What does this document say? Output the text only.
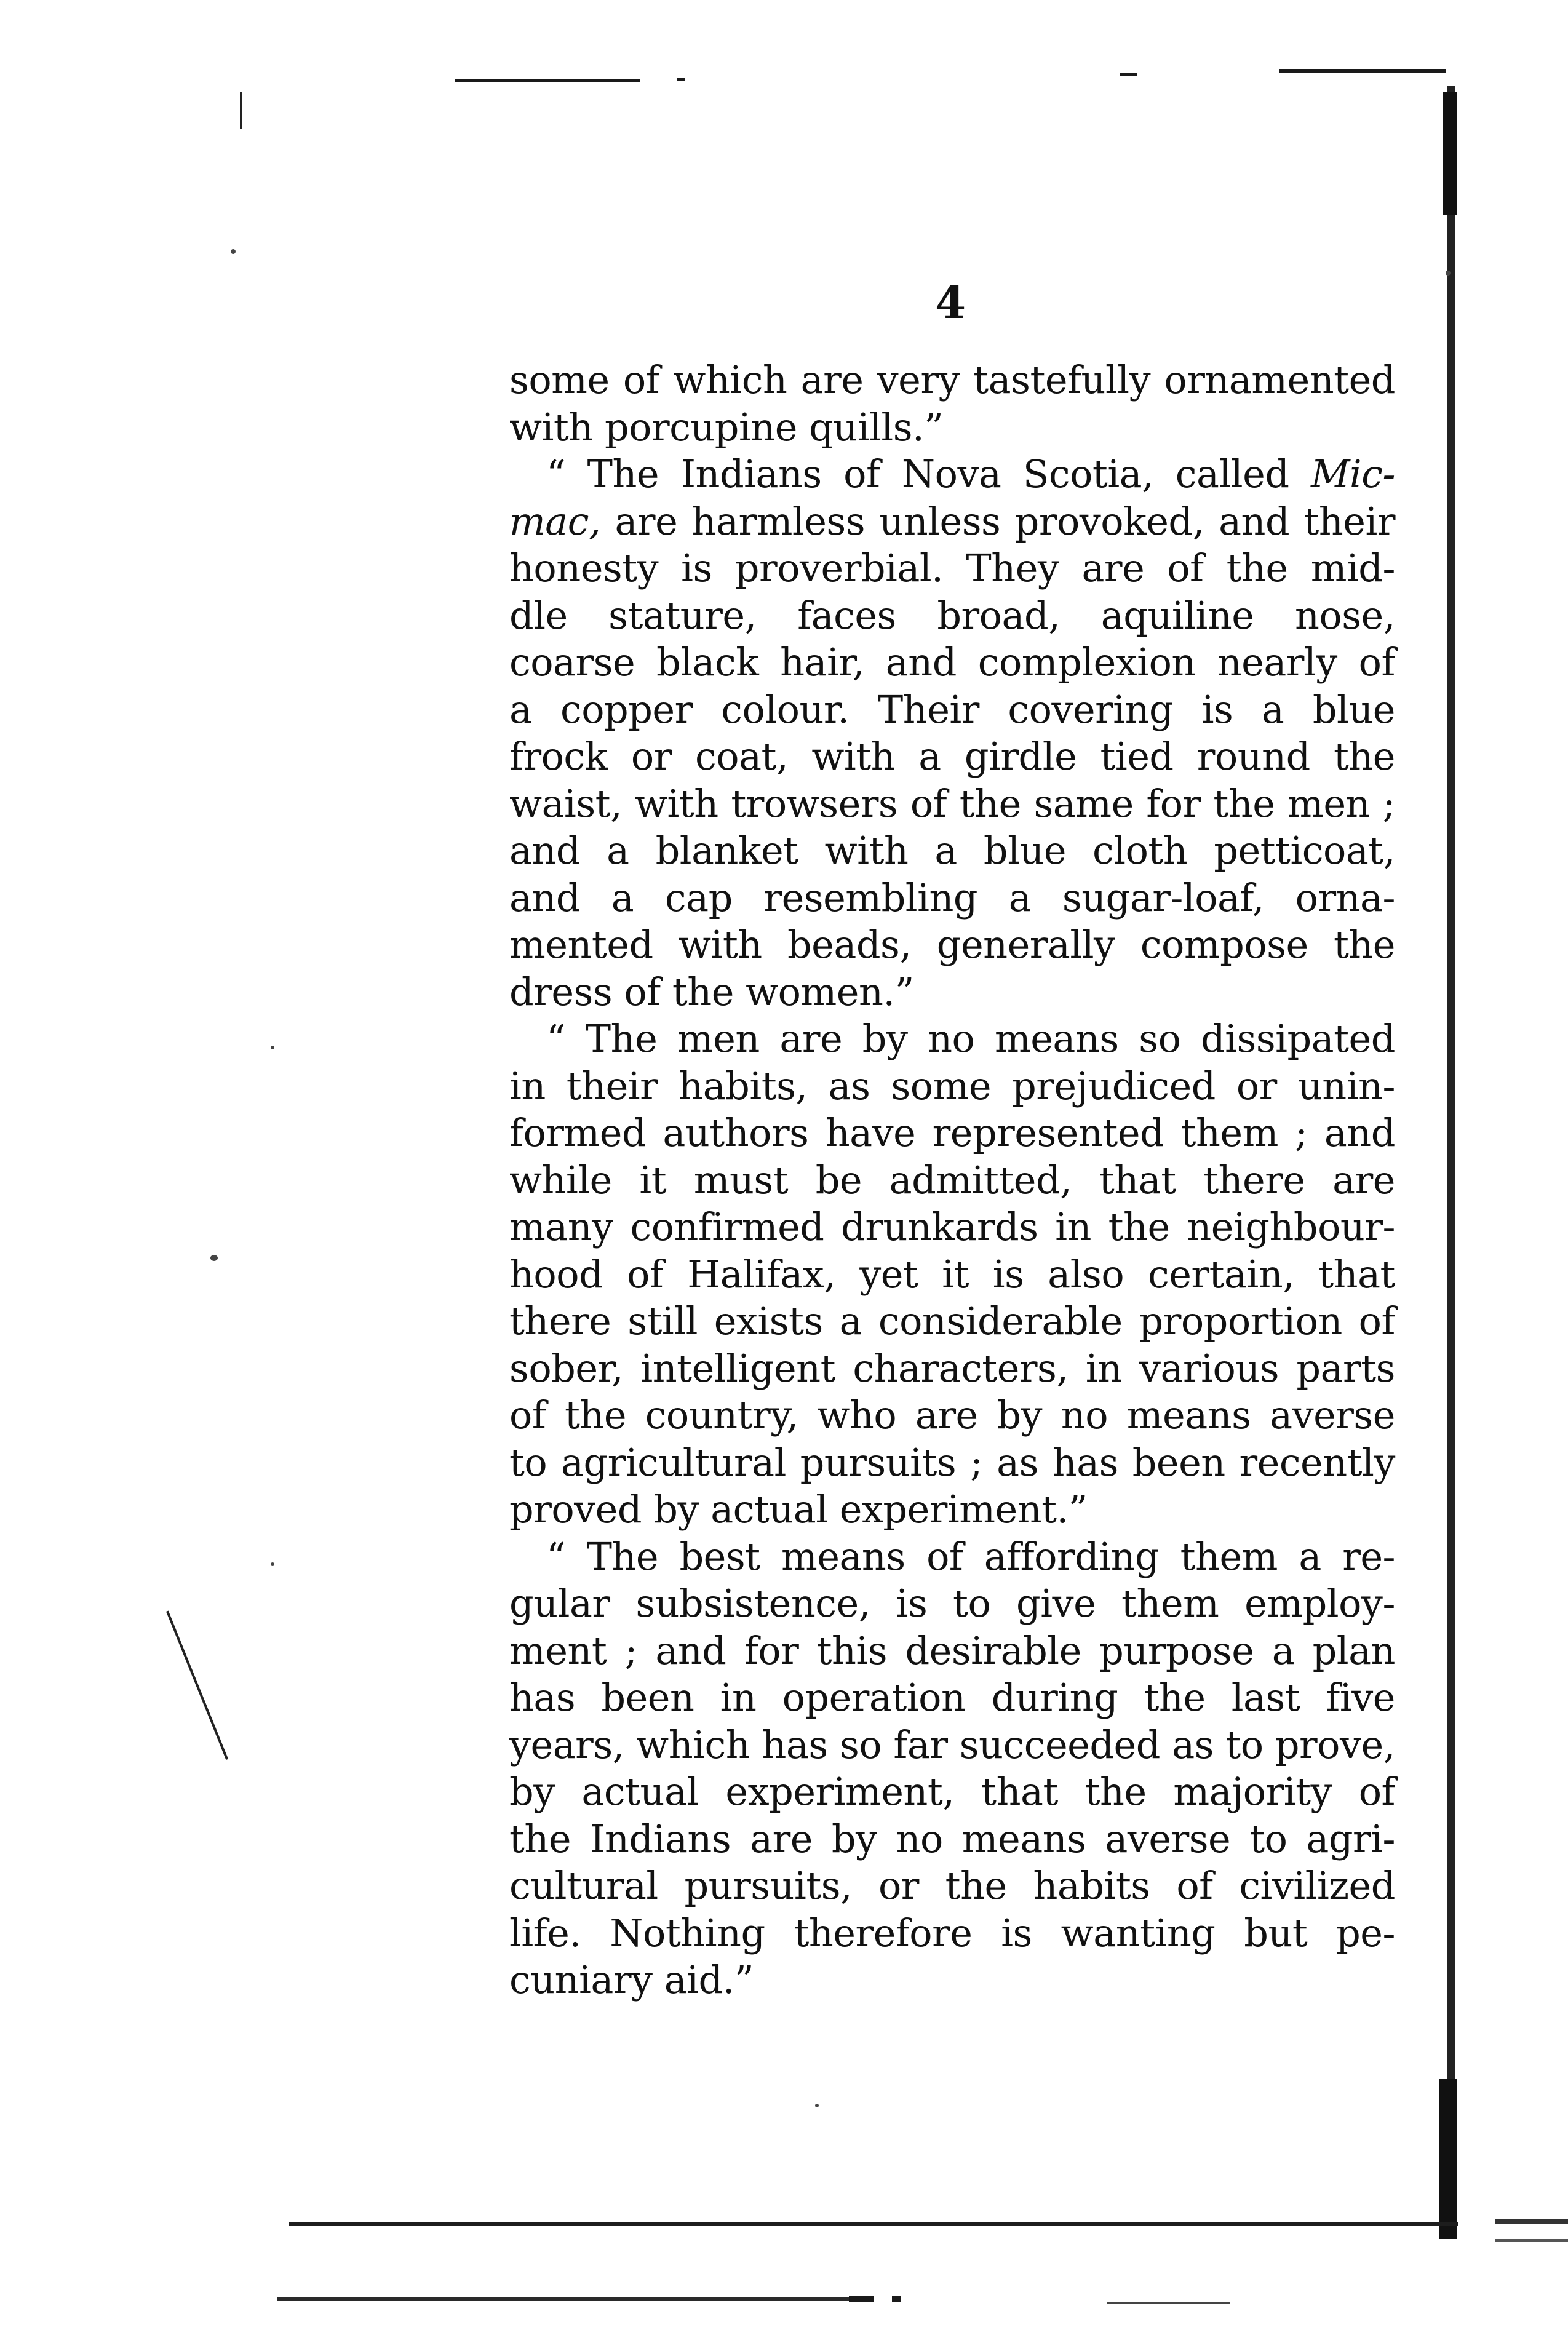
4
some of which are very tastefully ornamented
with porcupine quills.”
“ The Indians of Nova Scotia, called Mic-
mac, are harmless unless provoked, and their
honesty is proverbial. They are of the mid-
dle stature, faces broad, aquiline nose,
coarse black hair, and complexion nearly of
a copper colour. Their covering is a blue
frock or coat, with a girdle tied round the
waist, with trowsers of the same for the men ;
and a blanket with a blue cloth petticoat,
and a cap resembling a sugar-loaf, orna-
mented with beads, generally compose the
dress of the women.”
“ The men are by no means so dissipated
in their habits, as some prejudiced or unin-
formed authors have represented them ; and
while it must be admitted, that there are
many confirmed drunkards in the neighbour-
hood of Halifax, yet it is also certain, that
there still exists a considerable proportion of
sober, intelligent characters, in various parts
of the country, who are by no means averse
to agricultural pursuits ; as has been recently
proved by actual experiment.”
“ The best means of affording them a re-
gular subsistence, is to give them employ-
ment ; and for this desirable purpose a plan
has been in operation during the last five
years, which has so far succeeded as to prove,
by actual experiment, that the majority of
the Indians are by no means averse to agri-
cultural pursuits, or the habits of civilized
life. Nothing therefore is wanting but pe-
cuniary aid.”
